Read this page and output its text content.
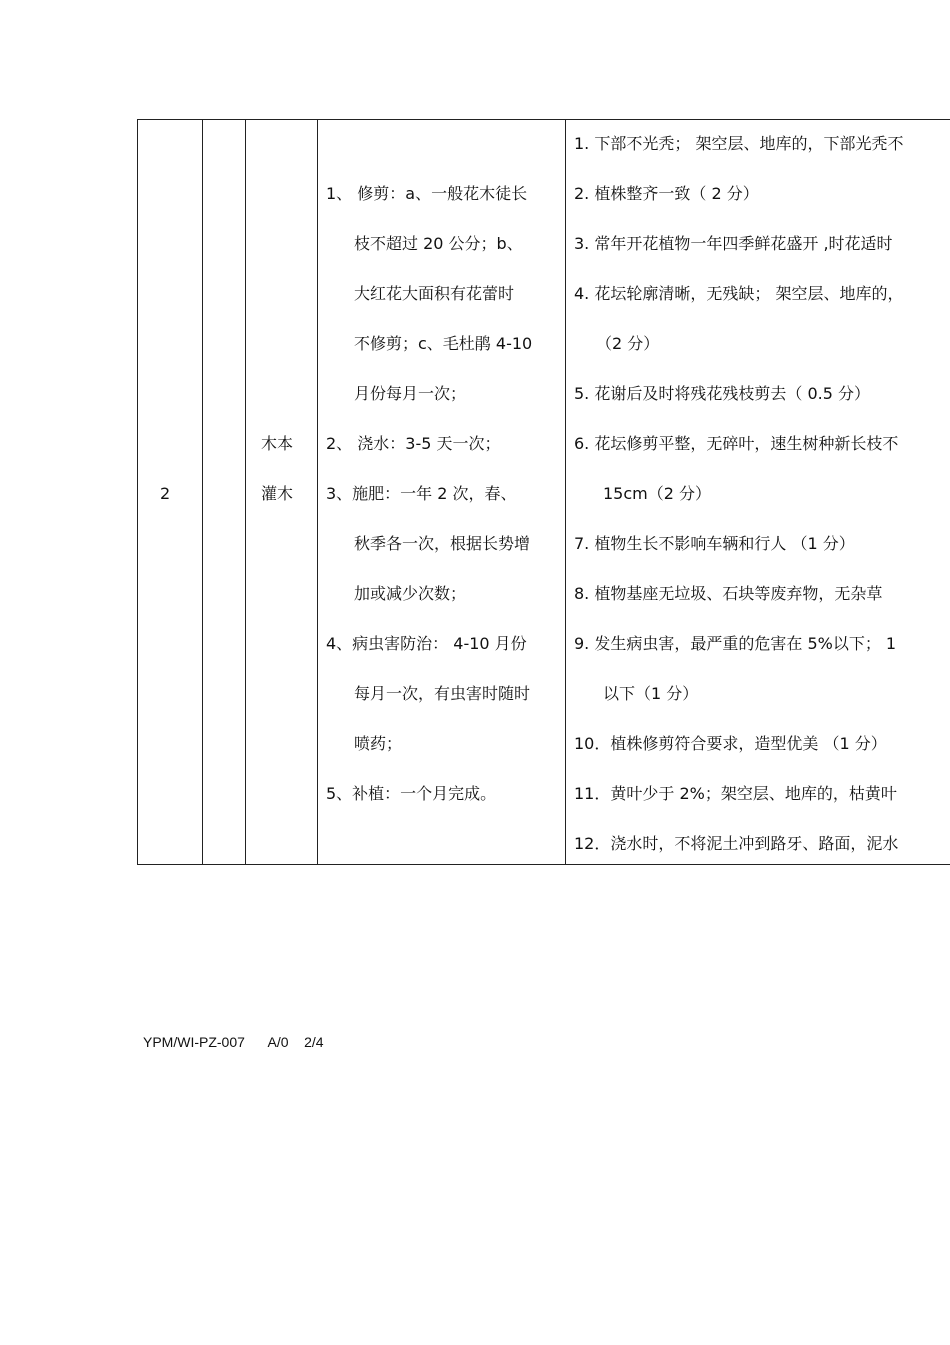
2
木本
灌木
1、 修剪：a、一般花木徒长
枝不超过 20 公分；b、
大红花大面积有花蕾时
不修剪；c、毛杜鹃 4-10
月份每月一次；
2、 浇水：3-5 天一次；
3、施肥：一年 2 次，春、
秋季各一次，根据长势增
加或减少次数；
4、病虫害防治： 4-10 月份
每月一次，有虫害时随时
喷药；
5、补植：一个月完成。
1. 下部不光秃； 架空层、地库的，下部光秃不
2. 植株整齐一致（ 2 分）
3. 常年开花植物一年四季鲜花盛开 ,时花适时
4. 花坛轮廓清晰，无残缺； 架空层、地库的，
（2 分）
5. 花谢后及时将残花残枝剪去（ 0.5 分）
6. 花坛修剪平整，无碎叶，速生树种新长枝不
15cm（2 分）
7. 植物生长不影响车辆和行人 （1 分）
8. 植物基座无垃圾、石块等废弃物，无杂草
9. 发生病虫害，最严重的危害在 5%以下； 1
以下（1 分）
10．植株修剪符合要求，造型优美 （1 分）
11．黄叶少于 2%；架空层、地库的，枯黄叶
12．浇水时，不将泥土冲到路牙、路面，泥水
YPM/WI-PZ-007 A/0 2/4
